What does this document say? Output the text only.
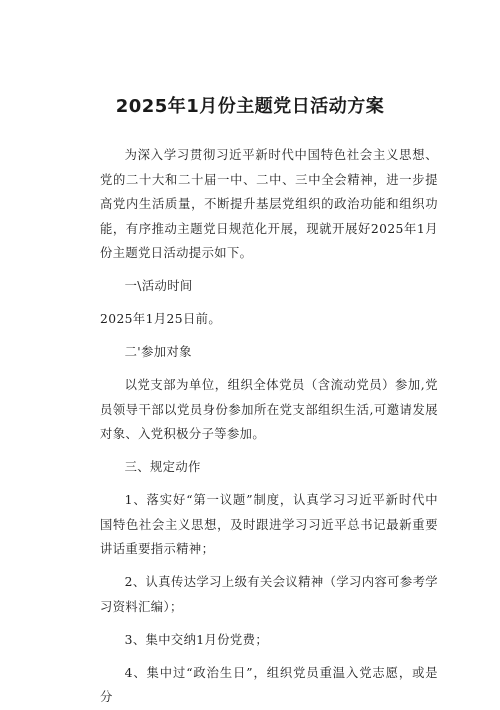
2025年1月份主题党日活动方案

为深入学习贯彻习近平新时代中国特色社会主义思想、党的二十大和二十届一中、二中、三中全会精神，进一步提高党内生活质量，不断提升基层党组织的政治功能和组织功能，有序推动主题党日规范化开展，现就开展好2025年1月份主题党日活动提示如下。

一\活动时间

2025年1月25日前。

二'参加对象

以党支部为单位，组织全体党员（含流动党员）参加,党员领导干部以党员身份参加所在党支部组织生活,可邀请发展对象、入党积极分子等参加。

三、规定动作

1、落实好“第一议题”制度，认真学习习近平新时代中国特色社会主义思想，及时跟进学习习近平总书记最新重要讲话重要指示精神；

2、认真传达学习上级有关会议精神（学习内容可参考学习资料汇编）；

3、集中交纳1月份党费；

4、集中过“政治生日”，组织党员重温入党志愿，或是分
